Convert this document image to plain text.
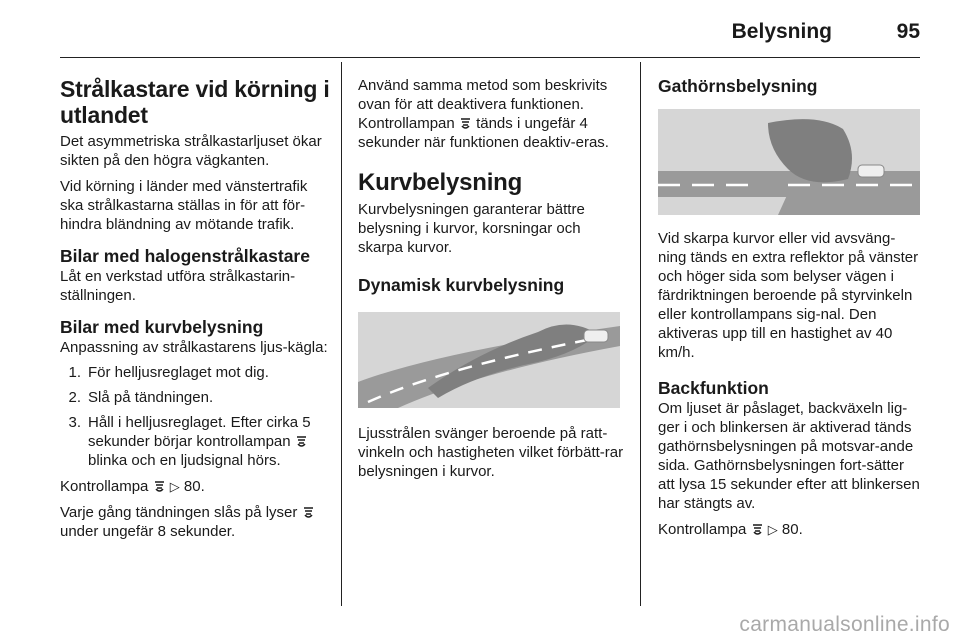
Belysning	95
Strålkastare vid körning i utlandet

Det asymmetriska strålkastarljuset ökar sikten på den högra vägkanten.

Vid körning i länder med vänstertrafik ska strålkastarna ställas in för att för-hindra bländning av mötande trafik.

Bilar med halogenstrålkastare

Låt en verkstad utföra strålkastarin-ställningen.

Bilar med kurvbelysning

Anpassning av strålkastarens ljus-kägla:

1. För helljusreglaget mot dig.
2. Slå på tändningen.
3. Håll i helljusreglaget. Efter cirka 5 sekunder börjar kontrollampan  blinka och en ljudsignal hörs.

Kontrollampa ▷ 80.

Varje gång tändningen slås på lyser  under ungefär 8 sekunder.

Använd samma metod som beskrivits ovan för att deaktivera funktionen.

Kontrollampan tänds i ungefär 4 sekunder när funktionen deaktiv-eras.

Kurvbelysning

Kurvbelysningen garanterar bättre belysning i kurvor, korsningar och skarpa kurvor.

Dynamisk kurvbelysning

Ljusstrålen svänger beroende på ratt-vinkeln och hastigheten vilket förbätt-rar belysningen i kurvor.

Gathörnsbelysning

Vid skarpa kurvor eller vid avsväng-ning tänds en extra reflektor på vänster och höger sida som belyser vägen i färdriktningen beroende på styrvinkeln eller kontrollampans sig-nal. Den aktiveras upp till en hastighet av 40 km/h.

Backfunktion

Om ljuset är påslaget, backväxeln lig-ger i och blinkersen är aktiverad tänds gathörnsbelysningen på motsvar-ande sida. Gathörnsbelysningen fort-sätter att lysa 15 sekunder efter att blinkersen har stängts av.

Kontrollampa ▷ 80.

carmanualsonline.info
